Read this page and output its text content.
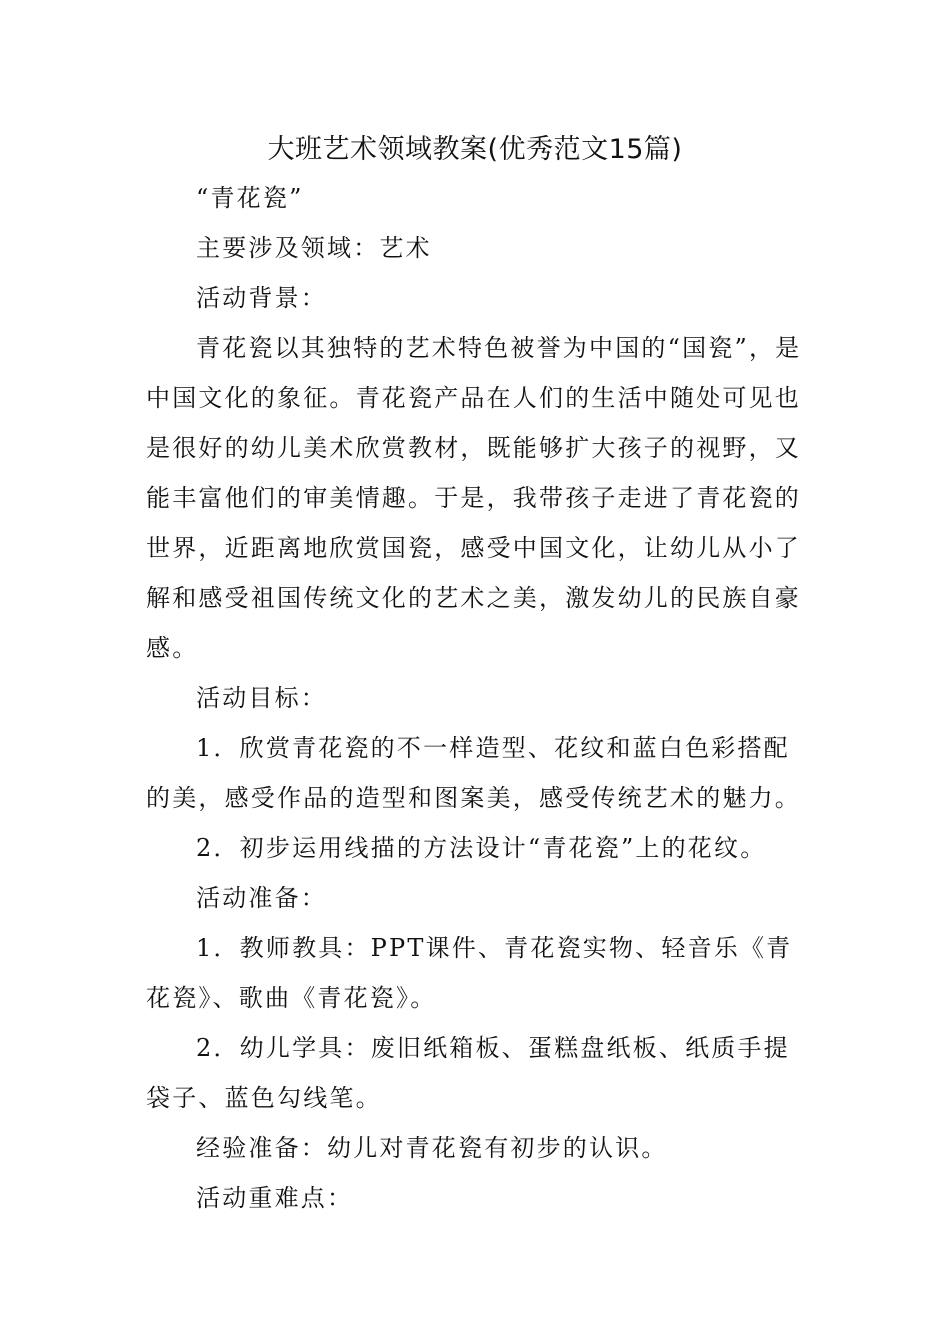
大班艺术领域教案(优秀范文15篇)

“青花瓷”

主要涉及领域：艺术

活动背景：

青花瓷以其独特的艺术特色被誉为中国的“国瓷”，是中国文化的象征。青花瓷产品在人们的生活中随处可见也是很好的幼儿美术欣赏教材，既能够扩大孩子的视野，又能丰富他们的审美情趣。于是，我带孩子走进了青花瓷的世界，近距离地欣赏国瓷，感受中国文化，让幼儿从小了解和感受祖国传统文化的艺术之美，激发幼儿的民族自豪感。

活动目标：

1．欣赏青花瓷的不一样造型、花纹和蓝白色彩搭配的美，感受作品的造型和图案美，感受传统艺术的魅力。

2．初步运用线描的方法设计“青花瓷”上的花纹。

活动准备：

1．教师教具：PPT课件、青花瓷实物、轻音乐《青花瓷》、歌曲《青花瓷》。

2．幼儿学具：废旧纸箱板、蛋糕盘纸板、纸质手提袋子、蓝色勾线笔。

经验准备：幼儿对青花瓷有初步的认识。

活动重难点：
